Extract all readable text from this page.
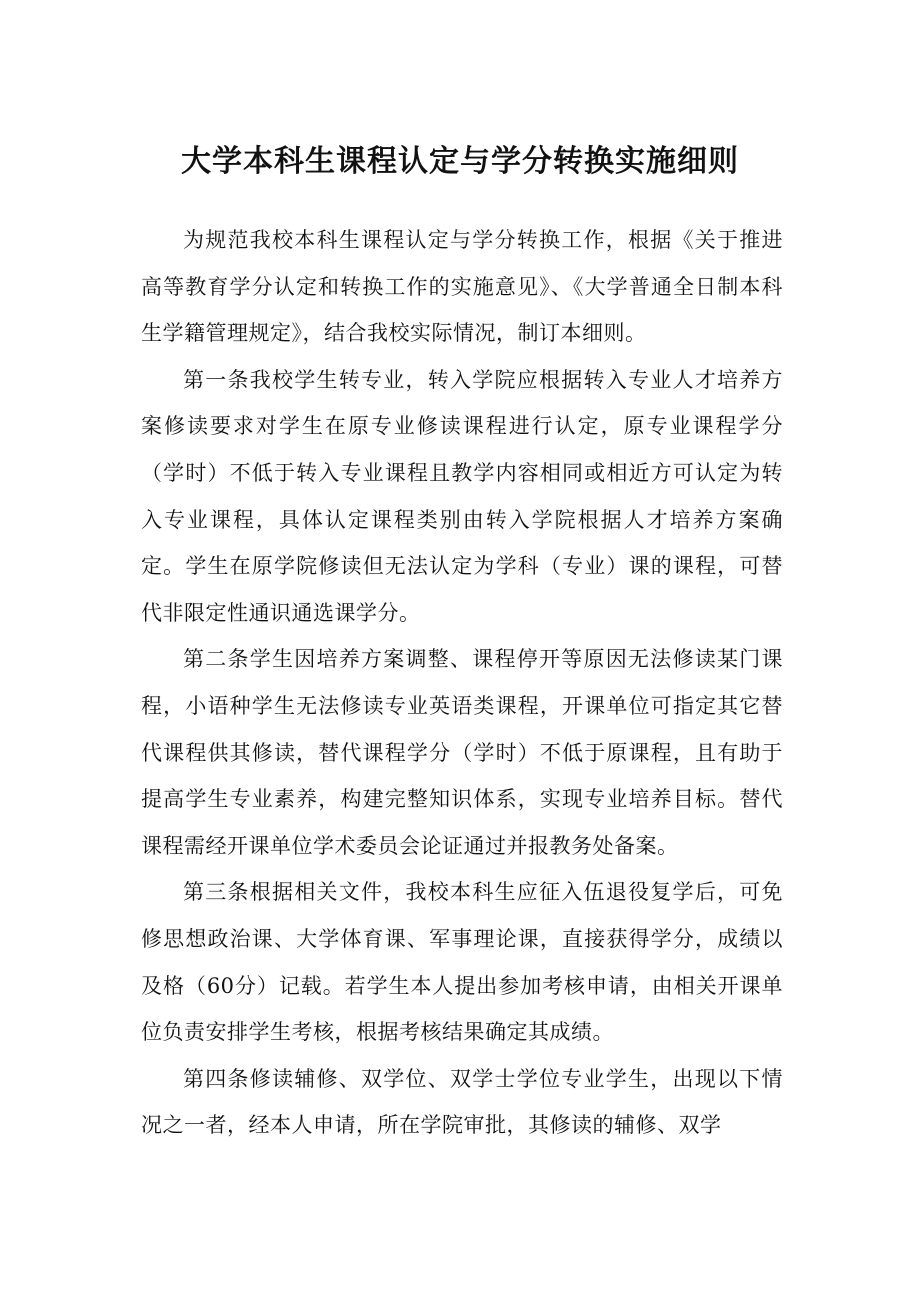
大学本科生课程认定与学分转换实施细则

为规范我校本科生课程认定与学分转换工作，根据《关于推进高等教育学分认定和转换工作的实施意见》、《大学普通全日制本科生学籍管理规定》，结合我校实际情况，制订本细则。

第一条我校学生转专业，转入学院应根据转入专业人才培养方案修读要求对学生在原专业修读课程进行认定，原专业课程学分（学时）不低于转入专业课程且教学内容相同或相近方可认定为转入专业课程，具体认定课程类别由转入学院根据人才培养方案确定。学生在原学院修读但无法认定为学科（专业）课的课程，可替代非限定性通识通选课学分。

第二条学生因培养方案调整、课程停开等原因无法修读某门课程，小语种学生无法修读专业英语类课程，开课单位可指定其它替代课程供其修读，替代课程学分（学时）不低于原课程，且有助于提高学生专业素养，构建完整知识体系，实现专业培养目标。替代课程需经开课单位学术委员会论证通过并报教务处备案。

第三条根据相关文件，我校本科生应征入伍退役复学后，可免修思想政治课、大学体育课、军事理论课，直接获得学分，成绩以及格（60分）记载。若学生本人提出参加考核申请，由相关开课单位负责安排学生考核，根据考核结果确定其成绩。

第四条修读辅修、双学位、双学士学位专业学生，出现以下情况之一者，经本人申请，所在学院审批，其修读的辅修、双学
